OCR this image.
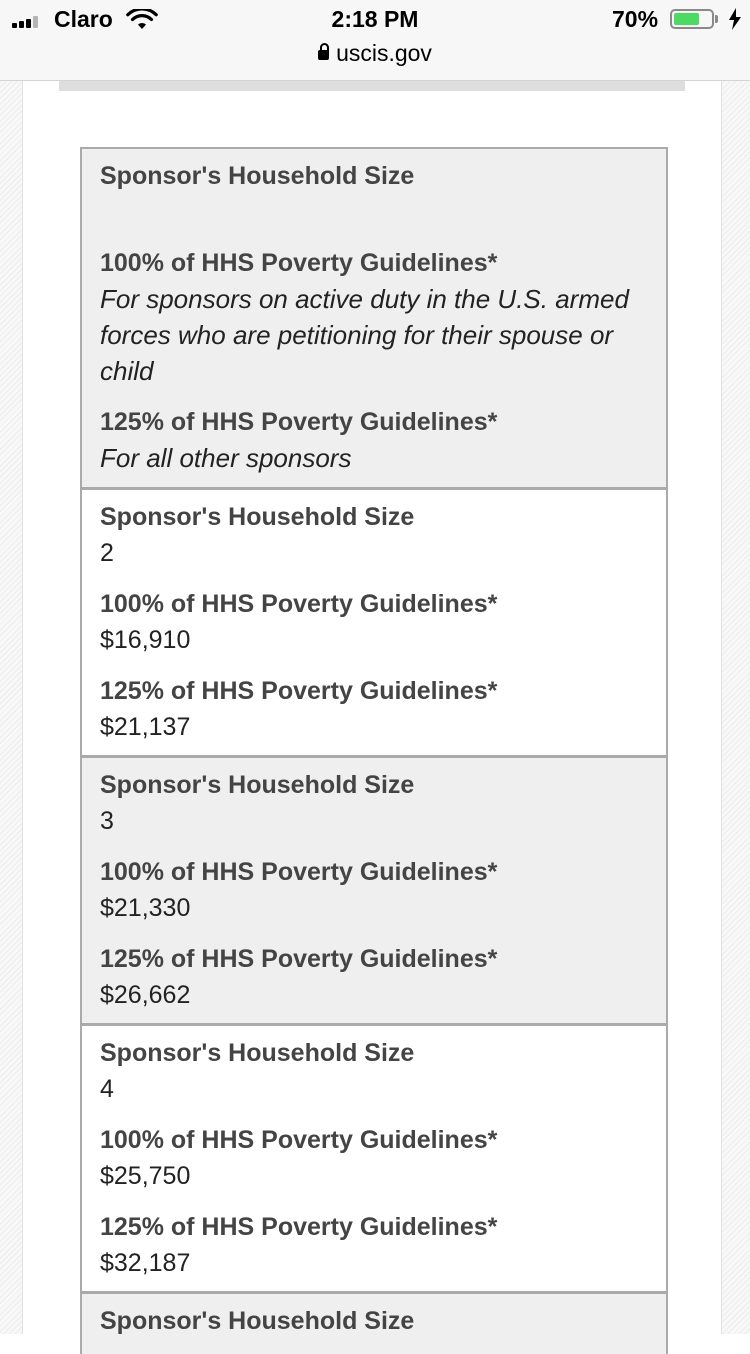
Claro	2:18 PM
uscis.gov
70%
Sponsor's Household Size
100% of HHS Poverty Guidelines*
For sponsors on active duty in the U.S. armed forces who are petitioning for their spouse or child
125% of HHS Poverty Guidelines*
For all other sponsors
Sponsor's Household Size
2
100% of HHS Poverty Guidelines*
$16,910
125% of HHS Poverty Guidelines*
$21,137
Sponsor's Household Size
3
100% of HHS Poverty Guidelines*
$21,330
125% of HHS Poverty Guidelines*
$26,662
Sponsor's Household Size
4
100% of HHS Poverty Guidelines*
$25,750
125% of HHS Poverty Guidelines*
$32,187
Sponsor's Household Size
